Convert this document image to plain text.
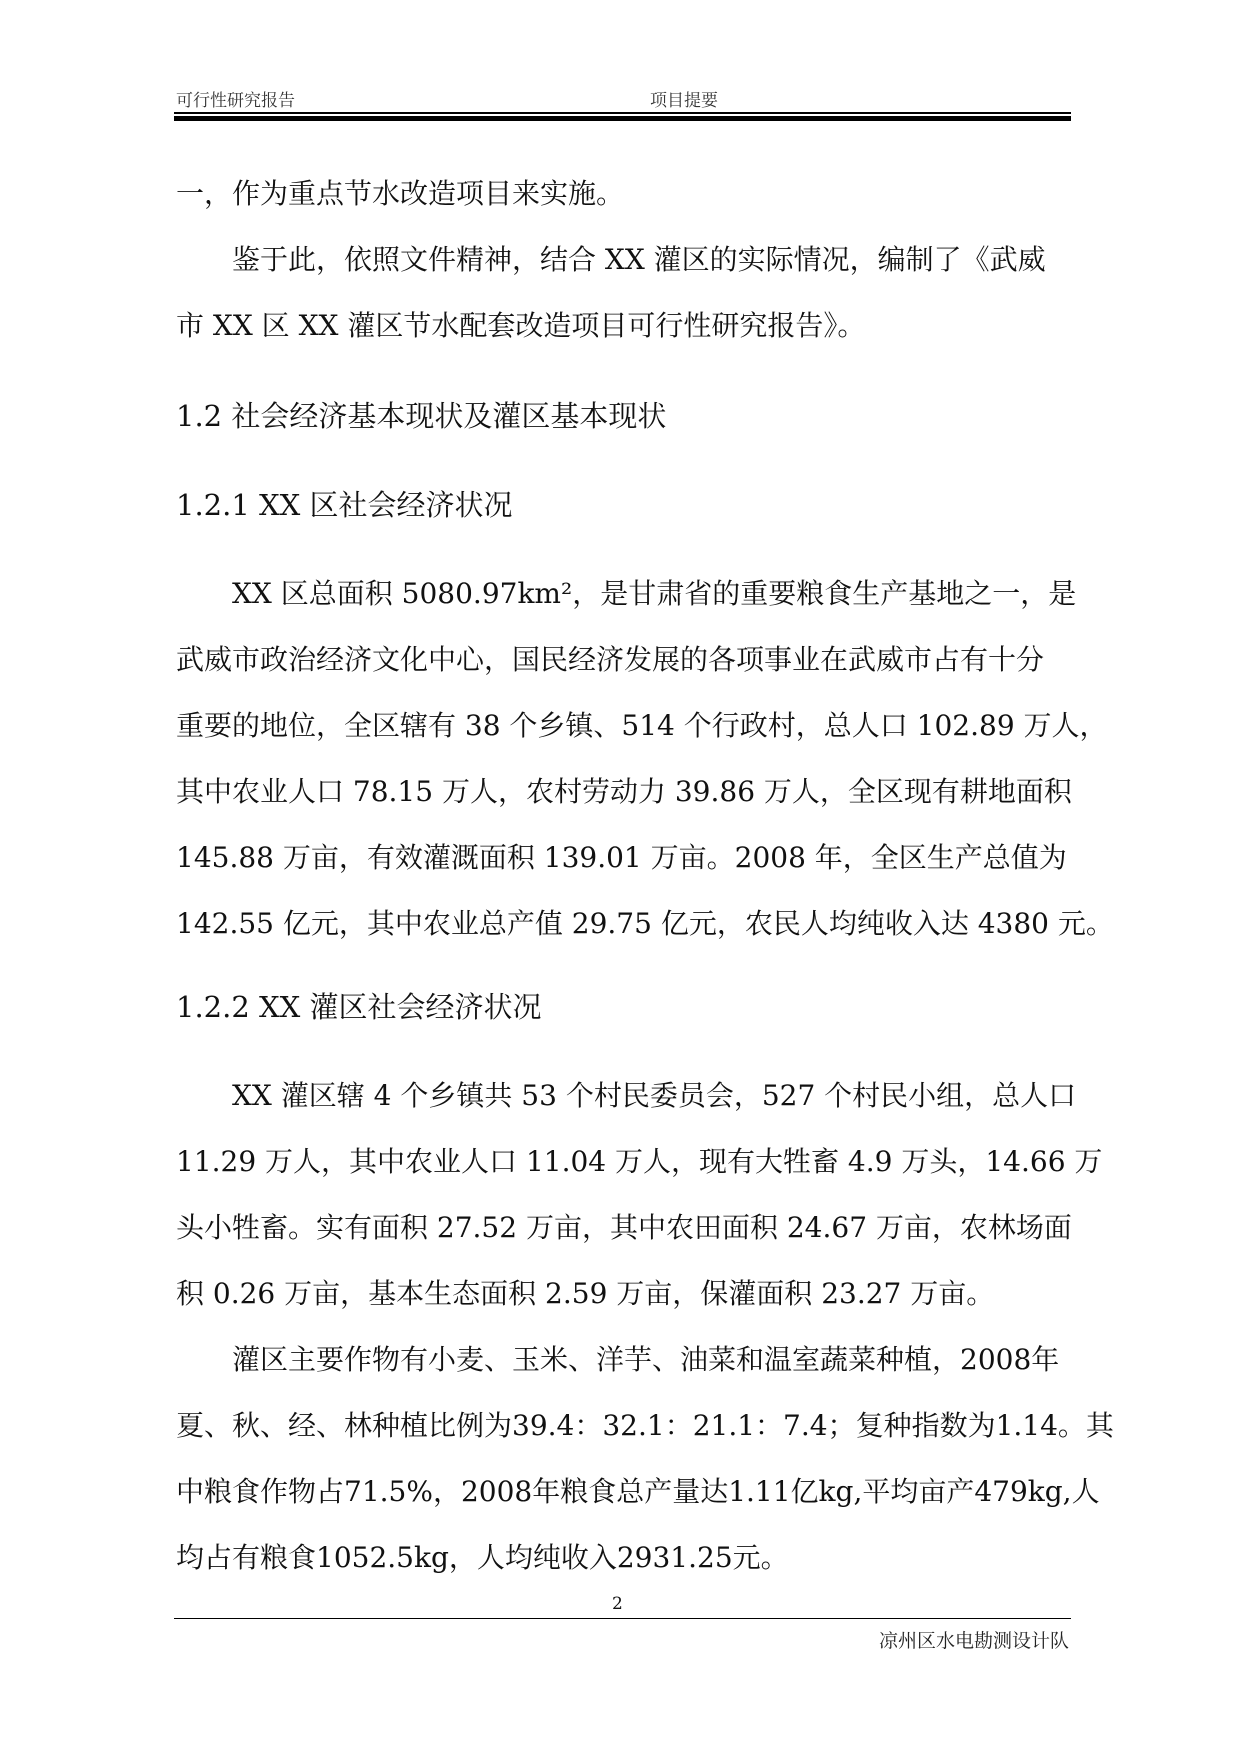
可行性研究报告	项目提要
一，作为重点节水改造项目来实施。
鉴于此，依照文件精神，结合 XX 灌区的实际情况，编制了《武威
市 XX 区 XX 灌区节水配套改造项目可行性研究报告》。
1.2 社会经济基本现状及灌区基本现状
1.2.1 XX 区社会经济状况
XX 区总面积 5080.97km²，是甘肃省的重要粮食生产基地之一，是
武威市政治经济文化中心，国民经济发展的各项事业在武威市占有十分
重要的地位，全区辖有 38 个乡镇、514 个行政村，总人口 102.89 万人，
其中农业人口 78.15 万人，农村劳动力 39.86 万人，全区现有耕地面积
145.88 万亩，有效灌溉面积 139.01 万亩。2008 年，全区生产总值为
142.55 亿元，其中农业总产值 29.75 亿元，农民人均纯收入达 4380 元。
1.2.2 XX 灌区社会经济状况
XX 灌区辖 4 个乡镇共 53 个村民委员会，527 个村民小组，总人口
11.29 万人，其中农业人口 11.04 万人，现有大牲畜 4.9 万头，14.66 万
头小牲畜。实有面积 27.52 万亩，其中农田面积 24.67 万亩，农林场面
积 0.26 万亩，基本生态面积 2.59 万亩，保灌面积 23.27 万亩。
灌区主要作物有小麦、玉米、洋芋、油菜和温室蔬菜种植，2008年
夏、秋、经、林种植比例为39.4：32.1：21.1：7.4；复种指数为1.14。其
中粮食作物占71.5%，2008年粮食总产量达1.11亿kg,平均亩产479kg,人
均占有粮食1052.5kg，人均纯收入2931.25元。
2
凉州区水电勘测设计队
